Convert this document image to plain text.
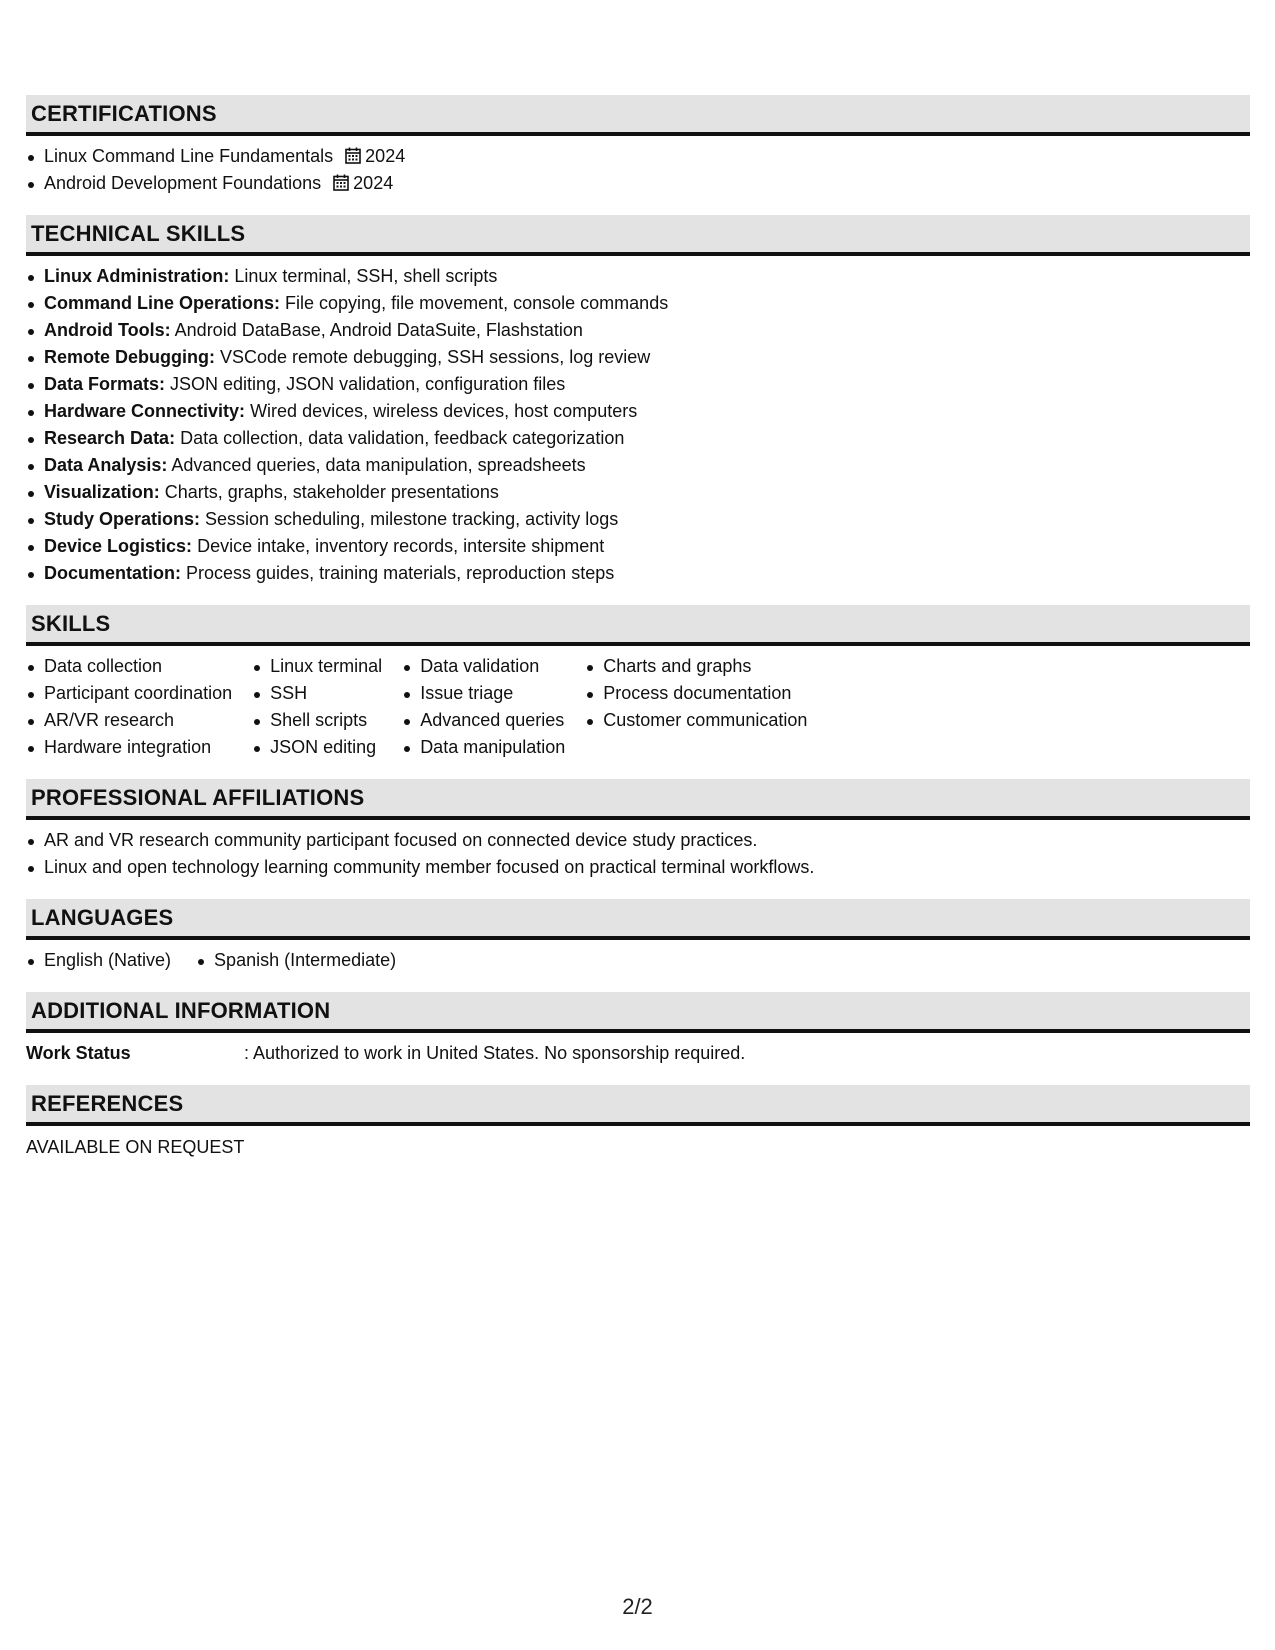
CERTIFICATIONS
Linux Command Line Fundamentals 2024
Android Development Foundations 2024
TECHNICAL SKILLS
Linux Administration: Linux terminal, SSH, shell scripts
Command Line Operations: File copying, file movement, console commands
Android Tools: Android DataBase, Android DataSuite, Flashstation
Remote Debugging: VSCode remote debugging, SSH sessions, log review
Data Formats: JSON editing, JSON validation, configuration files
Hardware Connectivity: Wired devices, wireless devices, host computers
Research Data: Data collection, data validation, feedback categorization
Data Analysis: Advanced queries, data manipulation, spreadsheets
Visualization: Charts, graphs, stakeholder presentations
Study Operations: Session scheduling, milestone tracking, activity logs
Device Logistics: Device intake, inventory records, intersite shipment
Documentation: Process guides, training materials, reproduction steps
SKILLS
Data collection
Participant coordination
AR/VR research
Hardware integration
Linux terminal
SSH
Shell scripts
JSON editing
Data validation
Issue triage
Advanced queries
Data manipulation
Charts and graphs
Process documentation
Customer communication
PROFESSIONAL AFFILIATIONS
AR and VR research community participant focused on connected device study practices.
Linux and open technology learning community member focused on practical terminal workflows.
LANGUAGES
English (Native)	Spanish (Intermediate)
ADDITIONAL INFORMATION
Work Status	: Authorized to work in United States. No sponsorship required.
REFERENCES
AVAILABLE ON REQUEST
2/2
